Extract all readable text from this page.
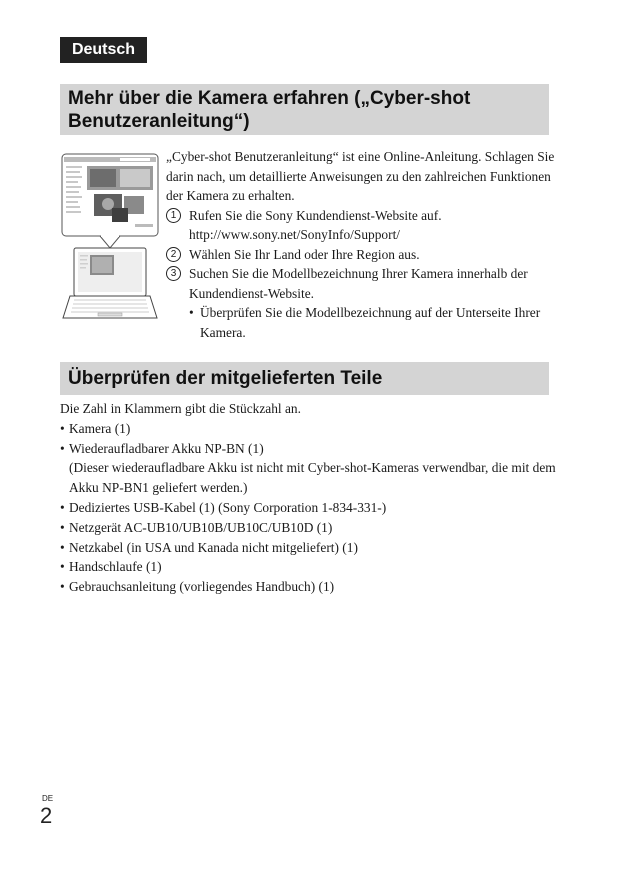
Deutsch
Mehr über die Kamera erfahren („Cyber-shot Benutzeranleitung“)

„Cyber-shot Benutzeranleitung“ ist eine Online-Anleitung. Schlagen Sie darin nach, um detaillierte Anweisungen zu den zahlreichen Funktionen der Kamera zu erhalten.

1 Rufen Sie die Sony Kundendienst-Website auf.
http://www.sony.net/SonyInfo/Support/
2 Wählen Sie Ihr Land oder Ihre Region aus.
3 Suchen Sie die Modellbezeichnung Ihrer Kamera innerhalb der Kundendienst-Website.
• Überprüfen Sie die Modellbezeichnung auf der Unterseite Ihrer Kamera.
Überprüfen der mitgelieferten Teile

Die Zahl in Klammern gibt die Stückzahl an.

• Kamera (1)
• Wiederaufladbarer Akku NP-BN (1)
(Dieser wiederaufladbare Akku ist nicht mit Cyber-shot-Kameras verwendbar, die mit dem Akku NP-BN1 geliefert werden.)
• Dediziertes USB-Kabel (1) (Sony Corporation 1-834-331-)
• Netzgerät AC-UB10/UB10B/UB10C/UB10D (1)
• Netzkabel (in USA und Kanada nicht mitgeliefert) (1)
• Handschlaufe (1)
• Gebrauchsanleitung (vorliegendes Handbuch) (1)
DE
2
